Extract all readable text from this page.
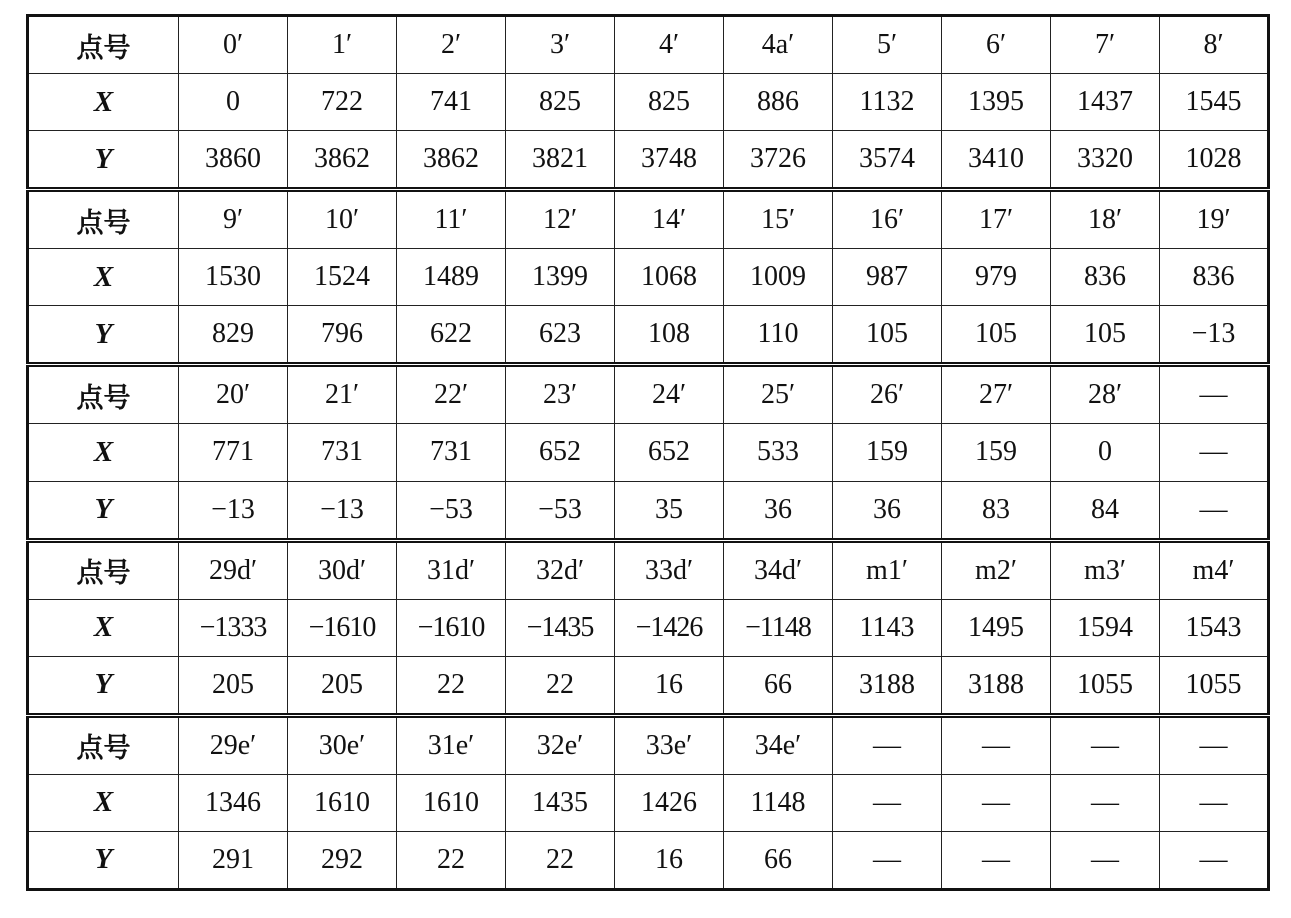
点号	0′	1′	2′	3′	4′	4a′	5′	6′	7′	8′
X	0	722	741	825	825	886	1132	1395	1437	1545
Y	3860	3862	3862	3821	3748	3726	3574	3410	3320	1028
点号	9′	10′	11′	12′	14′	15′	16′	17′	18′	19′
X	1530	1524	1489	1399	1068	1009	987	979	836	836
Y	829	796	622	623	108	110	105	105	105	−13
点号	20′	21′	22′	23′	24′	25′	26′	27′	28′	—
X	771	731	731	652	652	533	159	159	0	—
Y	−13	−13	−53	−53	35	36	36	83	84	—
点号	29d′	30d′	31d′	32d′	33d′	34d′	m1′	m2′	m3′	m4′
X	−1333	−1610	−1610	−1435	−1426	−1148	1143	1495	1594	1543
Y	205	205	22	22	16	66	3188	3188	1055	1055
点号	29e′	30e′	31e′	32e′	33e′	34e′	—	—	—	—
X	1346	1610	1610	1435	1426	1148	—	—	—	—
Y	291	292	22	22	16	66	—	—	—	—
